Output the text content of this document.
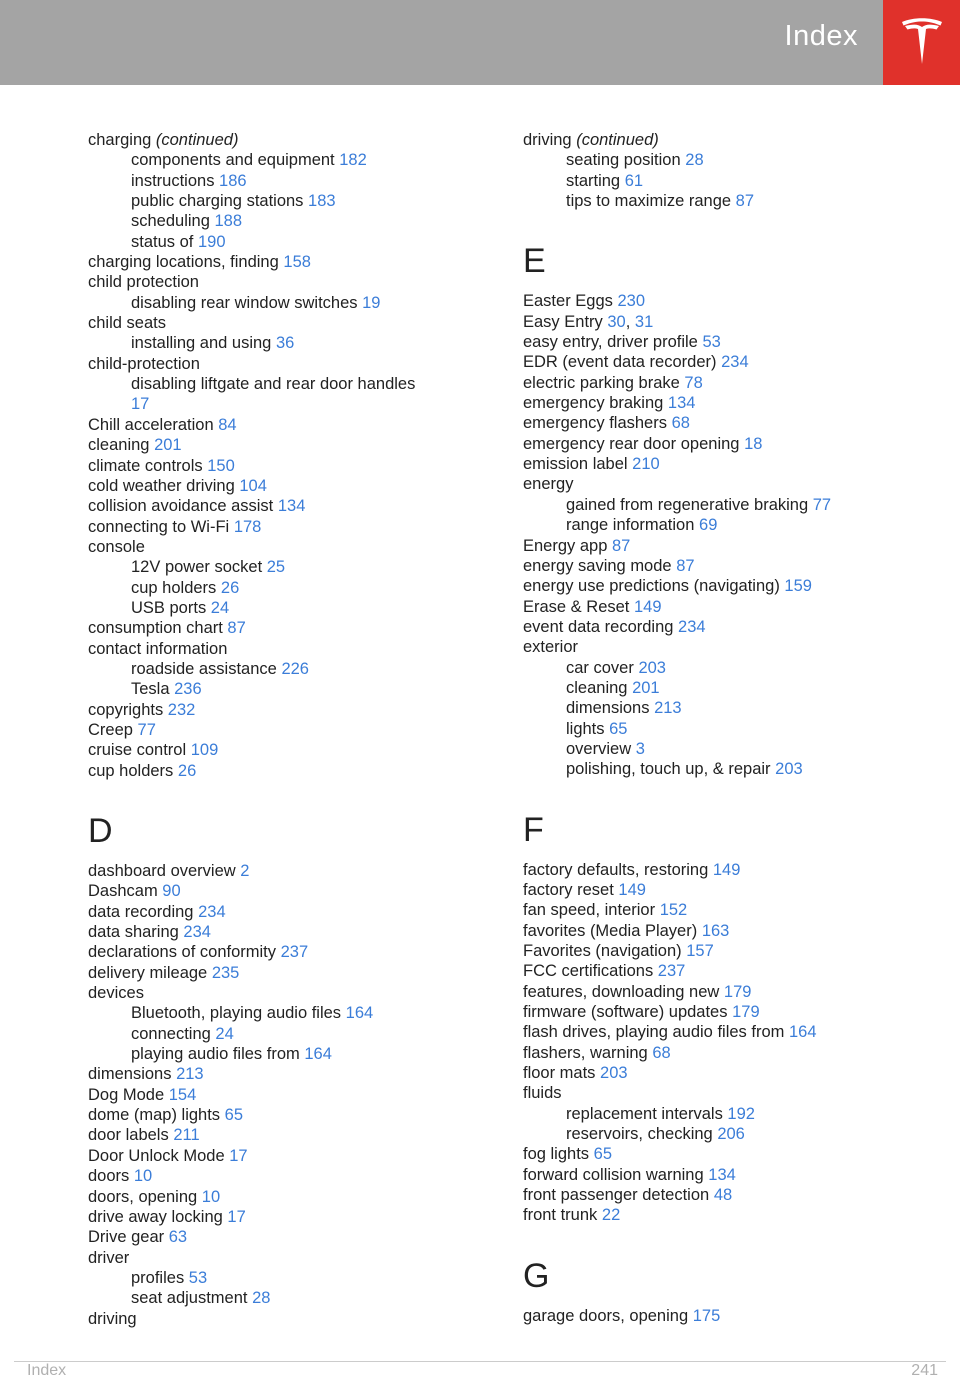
Index
charging (continued)
components and equipment 182
instructions 186
public charging stations 183
scheduling 188
status of 190
charging locations, finding 158
child protection
disabling rear window switches 19
child seats
installing and using 36
child-protection
disabling liftgate and rear door handles
17
Chill acceleration 84
cleaning 201
climate controls 150
cold weather driving 104
collision avoidance assist 134
connecting to Wi-Fi 178
console
12V power socket 25
cup holders 26
USB ports 24
consumption chart 87
contact information
roadside assistance 226
Tesla 236
copyrights 232
Creep 77
cruise control 109
cup holders 26
D
dashboard overview 2
Dashcam 90
data recording 234
data sharing 234
declarations of conformity 237
delivery mileage 235
devices
Bluetooth, playing audio files 164
connecting 24
playing audio files from 164
dimensions 213
Dog Mode 154
dome (map) lights 65
door labels 211
Door Unlock Mode 17
doors 10
doors, opening 10
drive away locking 17
Drive gear 63
driver
profiles 53
seat adjustment 28
driving
driving (continued)
seating position 28
starting 61
tips to maximize range 87
E
Easter Eggs 230
Easy Entry 30, 31
easy entry, driver profile 53
EDR (event data recorder) 234
electric parking brake 78
emergency braking 134
emergency flashers 68
emergency rear door opening 18
emission label 210
energy
gained from regenerative braking 77
range information 69
Energy app 87
energy saving mode 87
energy use predictions (navigating) 159
Erase & Reset 149
event data recording 234
exterior
car cover 203
cleaning 201
dimensions 213
lights 65
overview 3
polishing, touch up, & repair 203
F
factory defaults, restoring 149
factory reset 149
fan speed, interior 152
favorites (Media Player) 163
Favorites (navigation) 157
FCC certifications 237
features, downloading new 179
firmware (software) updates 179
flash drives, playing audio files from 164
flashers, warning 68
floor mats 203
fluids
replacement intervals 192
reservoirs, checking 206
fog lights 65
forward collision warning 134
front passenger detection 48
front trunk 22
G
garage doors, opening 175
Index	241
